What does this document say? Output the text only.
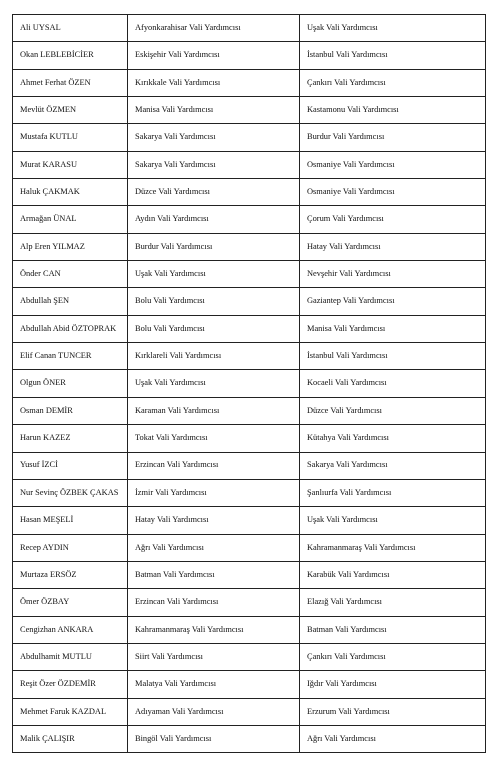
Ali UYSAL	Afyonkarahisar Vali Yardımcısı	Uşak Vali Yardımcısı
Okan LEBLEBİCİER	Eskişehir Vali Yardımcısı	İstanbul Vali Yardımcısı
Ahmet Ferhat ÖZEN	Kırıkkale Vali Yardımcısı	Çankırı Vali Yardımcısı
Mevlüt ÖZMEN	Manisa Vali Yardımcısı	Kastamonu Vali Yardımcısı
Mustafa KUTLU	Sakarya Vali Yardımcısı	Burdur Vali Yardımcısı
Murat KARASU	Sakarya Vali Yardımcısı	Osmaniye Vali Yardımcısı
Haluk ÇAKMAK	Düzce Vali Yardımcısı	Osmaniye Vali Yardımcısı
Armağan ÜNAL	Aydın Vali Yardımcısı	Çorum Vali Yardımcısı
Alp Eren YILMAZ	Burdur Vali Yardımcısı	Hatay Vali Yardımcısı
Önder CAN	Uşak Vali Yardımcısı	Nevşehir Vali Yardımcısı
Abdullah ŞEN	Bolu Vali Yardımcısı	Gaziantep Vali Yardımcısı
Abdullah Abid ÖZTOPRAK	Bolu Vali Yardımcısı	Manisa Vali Yardımcısı
Elif Canan TUNCER	Kırklareli Vali Yardımcısı	İstanbul Vali Yardımcısı
Olgun ÖNER	Uşak Vali Yardımcısı	Kocaeli Vali Yardımcısı
Osman DEMİR	Karaman Vali Yardımcısı	Düzce Vali Yardımcısı
Harun KAZEZ	Tokat Vali Yardımcısı	Kütahya Vali Yardımcısı
Yusuf İZCİ	Erzincan Vali Yardımcısı	Sakarya Vali Yardımcısı
Nur Sevinç ÖZBEK ÇAKAS	İzmir Vali Yardımcısı	Şanlıurfa Vali Yardımcısı
Hasan MEŞELİ	Hatay Vali Yardımcısı	Uşak Vali Yardımcısı
Recep AYDIN	Ağrı Vali Yardımcısı	Kahramanmaraş Vali Yardımcısı
Murtaza ERSÖZ	Batman Vali Yardımcısı	Karabük Vali Yardımcısı
Ömer ÖZBAY	Erzincan Vali Yardımcısı	Elazığ Vali Yardımcısı
Cengizhan ANKARA	Kahramanmaraş Vali Yardımcısı	Batman Vali Yardımcısı
Abdulhamit MUTLU	Siirt Vali Yardımcısı	Çankırı Vali Yardımcısı
Reşit Özer ÖZDEMİR	Malatya Vali Yardımcısı	Iğdır Vali Yardımcısı
Mehmet Faruk KAZDAL	Adıyaman Vali Yardımcısı	Erzurum Vali Yardımcısı
Malik ÇALIŞIR	Bingöl Vali Yardımcısı	Ağrı Vali Yardımcısı
